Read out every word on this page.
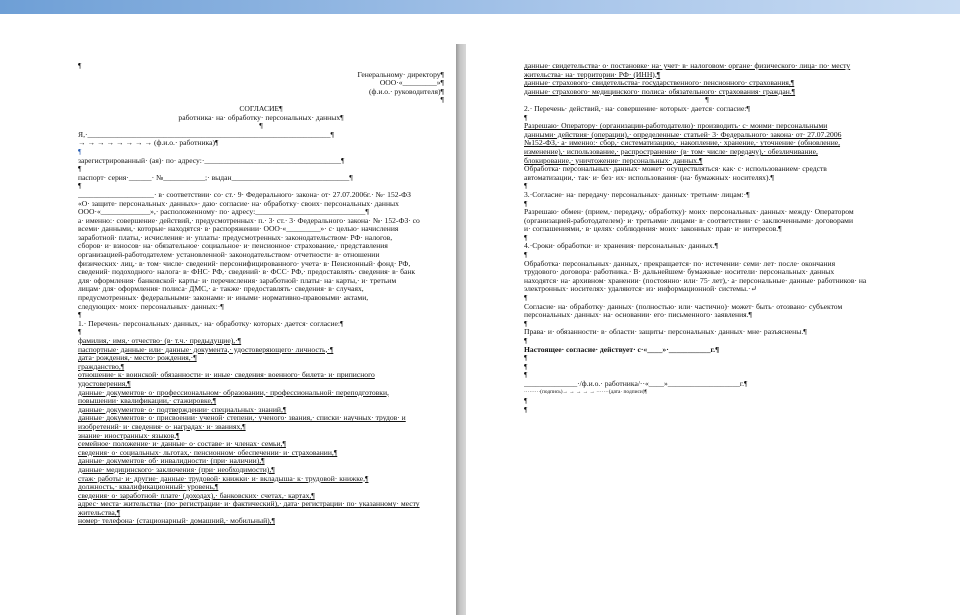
¶

Генеральному· директору¶

ООО·«_________»¶

(ф.и.о.· руководителя)¶

¶

СОГЛАСИЕ¶

работника· на· обработку· персональных· данных¶

¶

Я,·________________________________________________________________¶

→ → → → → → → → (ф.и.о.· работника)¶

¶

зарегистрированный· (ая)· по· адресу:·____________________________________¶

¶

паспорт· серия·______· №___________;· выдан_______________________________¶

¶

____________________· в· соответствии· со· ст.· 9· Федерального· закона· от· 27.07.2006г.· №· 152-ФЗ

«О· защите· персональных· данных»· даю· согласие· на· обработку· своих· персональных· данных

ООО·«_____________»,· расположенному· по· адресу:_____________________________¶

а· именно:· совершение· действий,· предусмотренных· п.· 3· ст.· 3· Федерального· закона· №· 152-ФЗ· со

всеми· данными,· которые· находятся· в· распоряжении· ООО·«_________»· с· целью· начисления

заработной· платы,· исчисления· и· уплаты· предусмотренных· законодательством· РФ· налогов,

сборов· и· взносов· на· обязательное· социальное· и· пенсионное· страхование,· представления

организацией-работодателем· установленной· законодательством· отчетности· в· отношении

физических· лиц,· в· том· числе· сведений· персонифицированного· учета· в· Пенсионный· фонд· РФ,

сведений· подоходного· налога· в· ФНС· РФ,· сведений· в· ФСС· РФ,· предоставлять· сведения· в· банк

для· оформления· банковской· карты· и· перечисления· заработной· платы· на· карты,· и· третьим

лицам· для· оформления· полиса· ДМС,· а· также· предоставлять· сведения· в· случаях,

предусмотренных· федеральными· законами· и· иными· нормативно-правовыми· актами,

следующих· моих· персональных· данных:·¶

¶

1.· Перечень· персональных· данных,· на· обработку· которых· дается· согласие:¶

¶

фамилия,· имя,· отчество· (в· т.ч.· предыдущие),·¶

паспортные· данные· или· данные· документа,· удостоверяющего· личность,·¶

дата· рождения,· место· рождения,·¶

гражданство,¶

отношение· к· воинской· обязанности· и· иные· сведения· военного· билета· и· приписного

удостоверения,¶

данные· документов· о· профессиональном· образовании,· профессиональной· переподготовки,

повышении· квалификации,· стажировке,¶

данные· документов· о· подтверждении· специальных· знаний,¶

данные· документов· о· присвоении· ученой· степени,· ученого· звания,· списки· научных· трудов· и

изобретений· и· сведения· о· наградах· и· званиях,¶

знание· иностранных· языков,¶

семейное· положение· и· данные· о· составе· и· членах· семьи,¶

сведения· о· социальных· льготах,· пенсионном· обеспечении· и· страховании,¶

данные· документов· об· инвалидности· (при· наличии),¶

данные· медицинского· заключения· (при· необходимости),¶

стаж· работы· и· другие· данные· трудовой· книжки· и· вкладыша· к· трудовой· книжке,¶

должность,· квалификационный· уровень,¶

сведения· о· заработной· плате· (доходах),· банковских· счетах,· картах,¶

адрес· места· жительства· (по· регистрации· и· фактический),· дата· регистрации· по· указанному· месту

жительства,¶

номер· телефона· (стационарный· домашний,· мобильный),¶

данные· свидетельства· о· постановке· на· учет· в· налоговом· органе· физического· лица· по· месту

жительства· на· территории· РФ· (ИНН),¶

данные· страхового· свидетельства· государственного· пенсионного· страхования,¶

данные· страхового· медицинского· полиса· обязательного· страхования· граждан.¶

¶

2.· Перечень· действий,· на· совершение· которых· дается· согласие:¶

¶

Разрешаю· Оператору· (организации-работодателю)· производить· с· моими· персональными

данными· действия· (операции),· определенные· статьей· 3· Федерального· закона· от· 27.07.2006

№152-ФЗ,· а· именно:· сбор,· систематизацию,· накопление,· хранение,· уточнение· (обновление,

изменение),· использование,· распространение· (в· том· числе· передачу),· обезличивание,

блокирование,· уничтожение· персональных· данных.¶

Обработка· персональных· данных· может· осуществляться· как· с· использованием· средств

автоматизации,· так· и· без· их· использования· (на· бумажных· носителях).¶

¶

3.·Согласие· на· передачу· персональных· данных· третьим· лицам:·¶

¶

Разрешаю· обмен· (прием,· передачу,· обработку)· моих· персональных· данных· между· Оператором

(организацией-работодателем)· и· третьими· лицами· в· соответствии· с· заключенными· договорами

и· соглашениями,· в· целях· соблюдения· моих· законных· прав· и· интересов.¶

¶

4.·Сроки· обработки· и· хранения· персональных· данных.¶

¶

Обработка· персональных· данных,· прекращается· по· истечении· семи· лет· после· окончания

трудового· договора· работника.· В· дальнейшем· бумажные· носители· персональных· данных

находятся· на· архивном· хранении· (постоянно· или· 75· лет),· а· персональные· данные· работников· на

электронных· носителях· удаляются· из· информационной· системы.·↵

¶

Согласие· на· обработку· данных· (полностью· или· частично)· может· быть· отозвано· субъектом

персональных· данных· на· основании· его· письменного· заявления.¶

¶

Права· и· обязанности· в· области· защиты· персональных· данных· мне· разъяснены.¶

¶

Настоящее· согласие· действует· с·«____»·___________г.¶

¶

¶

¶

______________·/ф.и.о.· работника/··«____»___________________г.¶

·········(подпись)→ → → → → ·······(дата· подписи)¶

¶

¶
